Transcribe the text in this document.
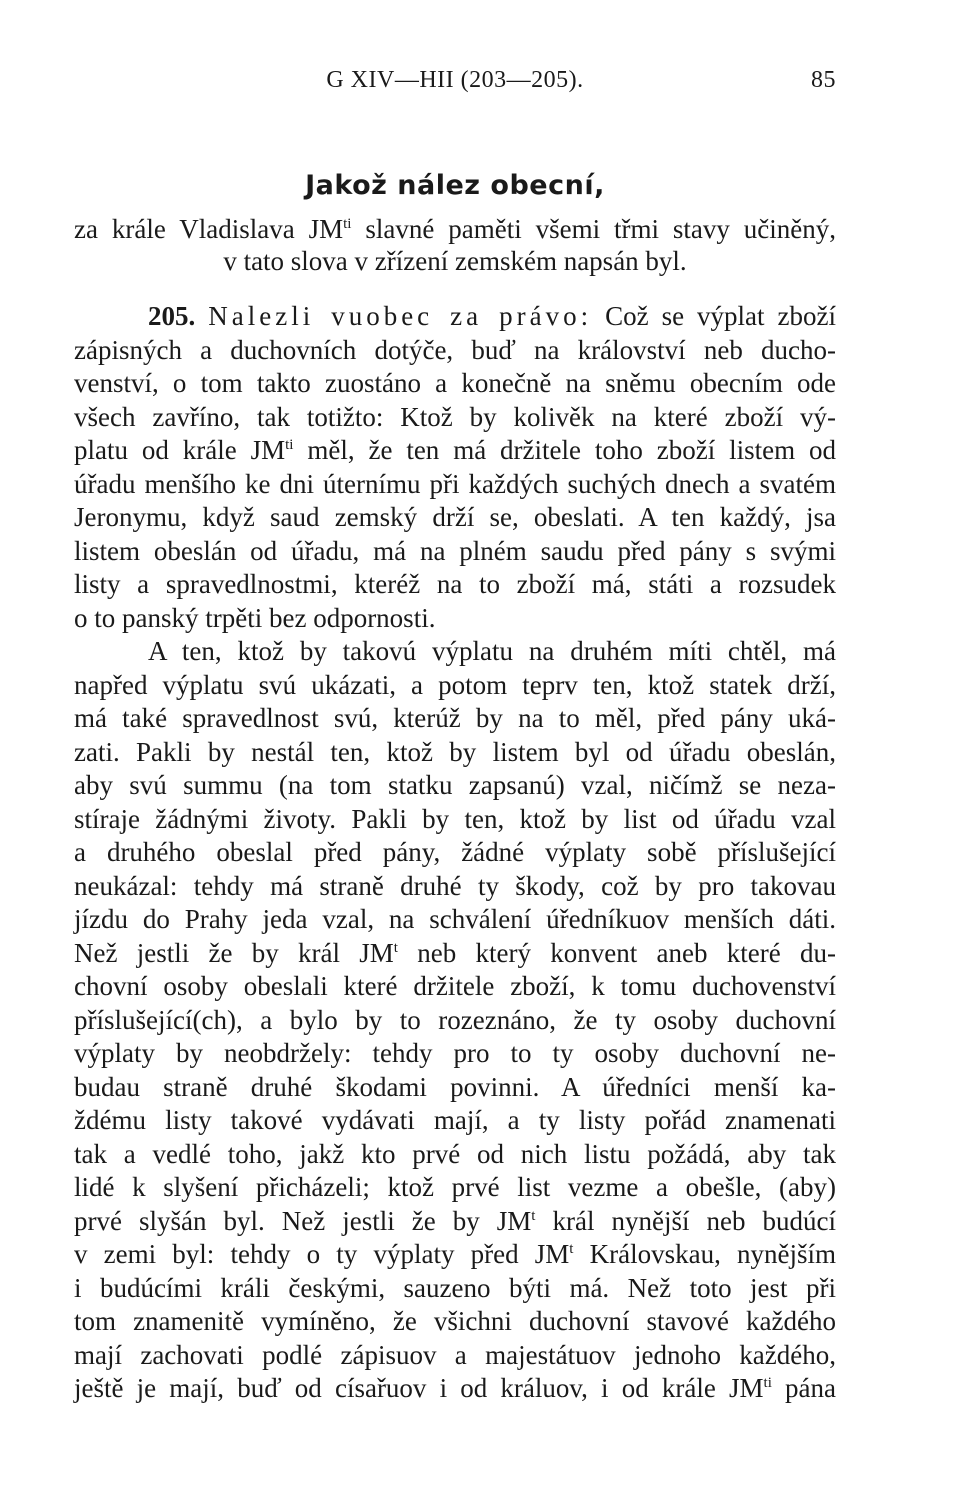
G XIV—HII (203—205).	85
Jakož nález obecní,
za krále Vladislava $JM^{ti}$ slavné paměti všemi třmi stavy učiněný,
v tato slova v zřízení zemském napsán byl.
205. Nalezli vuobec za právo: Což se výplat zboží
zápisných a duchovních dotýče, buď na království neb ducho-
venství, o tom takto zuostáno a konečně na sněmu obecním ode
všech zavříno, tak totižto: Ktož by kolivěk na které zboží vý-
platu od krále $JM^{ti}$ měl, že ten má držitele toho zboží listem od
úřadu menšího ke dni úternímu při každých suchých dnech a svatém
Jeronymu, když saud zemský drží se, obeslati. A ten každý, jsa
listem obeslán od úřadu, má na plném saudu před pány s svými
listy a spravedlnostmi, kteréž na to zboží má, státi a rozsudek
o to panský trpěti bez odpornosti.
A ten, ktož by takovú výplatu na druhém míti chtěl, má
napřed výplatu svú ukázati, a potom teprv ten, ktož statek drží,
má také spravedlnost svú, kterúž by na to měl, před pány uká-
zati. Pakli by nestál ten, ktož by listem byl od úřadu obeslán,
aby svú summu (na tom statku zapsanú) vzal, ničímž se neza-
stíraje žádnými životy. Pakli by ten, ktož by list od úřadu vzal
a druhého obeslal před pány, žádné výplaty sobě příslušející
neukázal: tehdy má straně druhé ty škody, což by pro takovau
jízdu do Prahy jeda vzal, na schválení úředníkuov menších dáti.
Než jestli že by král $JM^t$ neb který konvent aneb které du-
chovní osoby obeslali které držitele zboží, k tomu duchovenství
příslušející(ch), a bylo by to rozeznáno, že ty osoby duchovní
výplaty by neobdržely: tehdy pro to ty osoby duchovní ne-
budau straně druhé škodami povinni. A úředníci menší ka-
ždému listy takové vydávati mají, a ty listy pořád znamenati
tak a vedlé toho, jakž kto prvé od nich listu požádá, aby tak
lidé k slyšení přicházeli; ktož prvé list vezme a obešle, (aby)
prvé slyšán byl. Než jestli že by $JM^t$ král nynější neb budúcí
v zemi byl: tehdy o ty výplaty před $JM^t$ Královskau, nynějším
i budúcími králi českými, sauzeno býti má. Než toto jest při
tom znamenitě vymíněno, že všichni duchovní stavové každého
mají zachovati podlé zápisuov a majestátuov jednoho každého,
ještě je mají, buď od císařuov i od králuov, i od krále $JM^{ti}$ pána
